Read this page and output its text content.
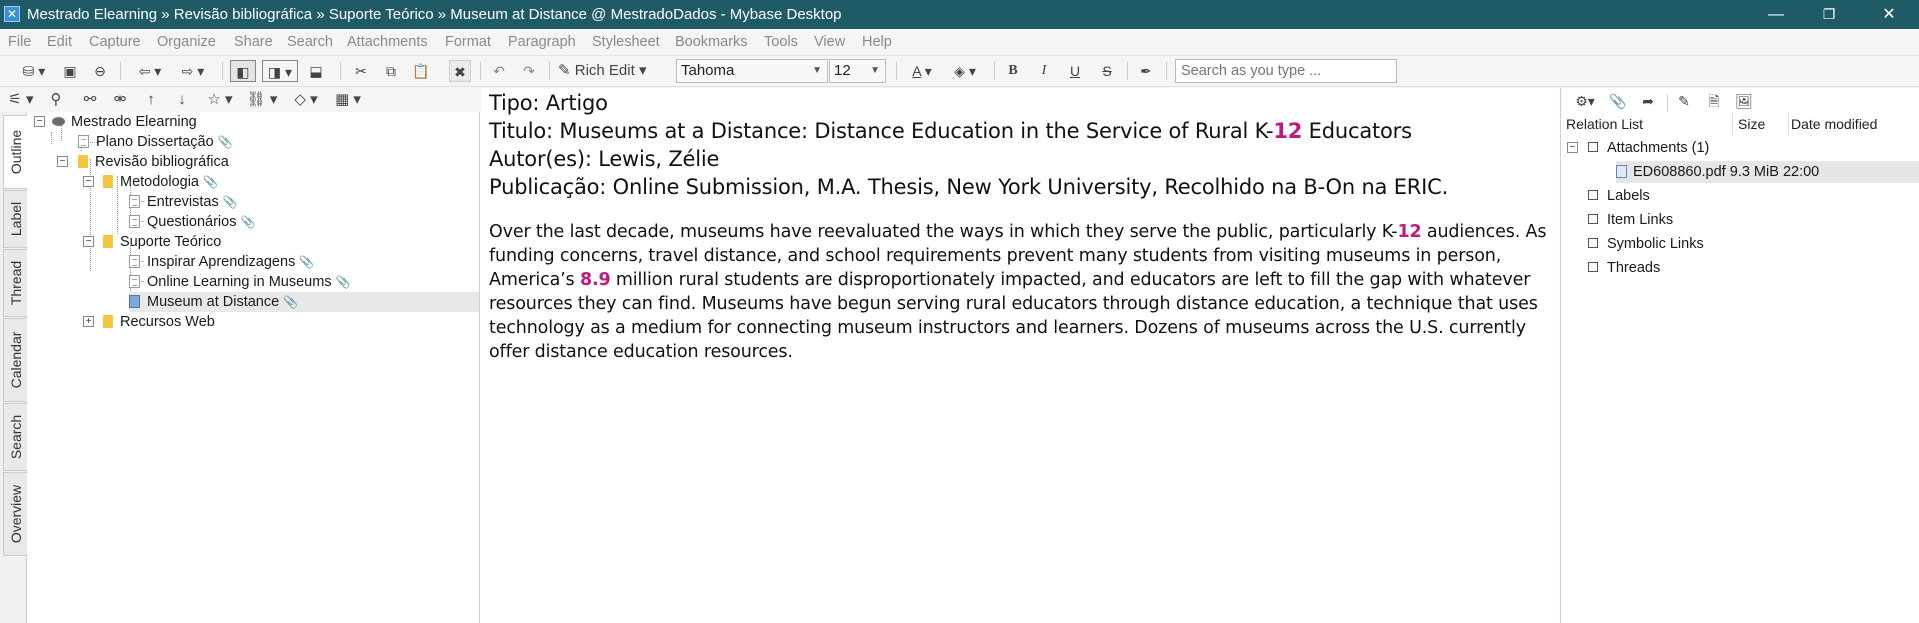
✕ Mestrado Elearning » Revisão bibliográfica » Suporte Teórico » Museum at Distance @ MestradoDados - Mybase Desktop	—	❐	✕
File Edit Capture Organize Share Search Attachments Format Paragraph Stylesheet Bookmarks Tools View Help
⛁ ▾	▣ ⊖	⇦ ▾	⇨ ▾	◧	◨ ▾	⬓	✂	⧉	📋	✖	↶	↷	✎ Rich Edit ▾	Tahoma	▼ 12 ▼	A ▾	◈ ▾	B	I	U	S	✒
Search as you type ...
⚟ ▾	⚲	⚯ ⚮	↑	↓	☆ ▾ ⛓ ▾	◇ ▾	▦ ▾
Outline
Label
Thread
Calendar
Search
Overview
−	Mestrado Elearning
Plano Dissertação 📎
−	Revisão bibliográfica
−	Metodologia 📎
Entrevistas 📎
Questionários 📎
−	Suporte Teórico
Inspirar Aprendizagens 📎
Online Learning in Museums 📎
Museum at Distance 📎
+	Recursos Web
Tipo: Artigo
Titulo: Museums at a Distance: Distance Education in the Service of Rural K-12 Educators
Autor(es): Lewis, Zélie
Publicação: Online Submission, M.A. Thesis, New York University, Recolhido na B-On na ERIC.
Over the last decade, museums have reevaluated the ways in which they serve the public, particularly K-12 audiences. As funding concerns, travel distance, and school requirements prevent many students from visiting museums in person, America’s 8.9 million rural students are disproportionately impacted, and educators are left to fill the gap with whatever resources they can find. Museums have begun serving rural educators through distance education, a technique that uses technology as a medium for connecting museum instructors and learners. Dozens of museums across the U.S. currently offer distance education resources.
⚙▾	📎 ➦ ✎	🗎	🖼
Relation List	Size Date modified
−	Attachments (1)
ED608860.pdf 9.3 MiB 22:00
Labels
Item Links
Symbolic Links
Threads
